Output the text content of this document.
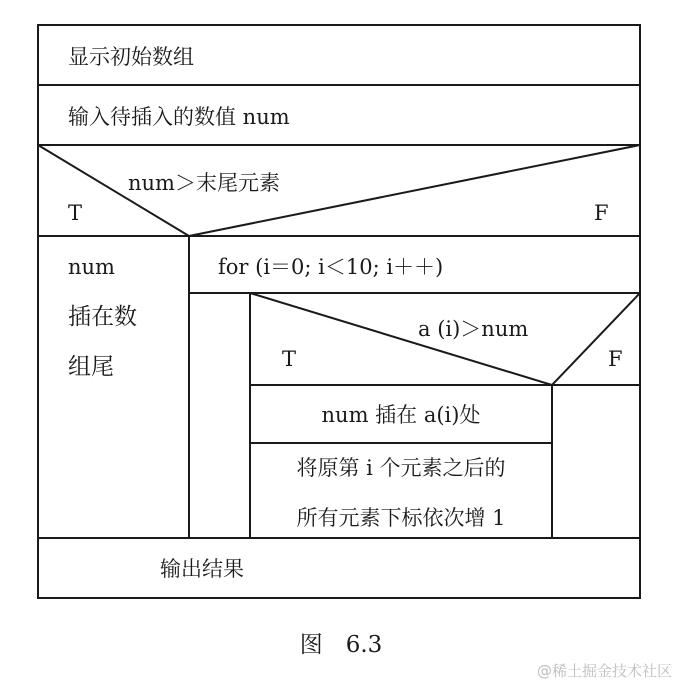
显示初始数组
输入待插入的数值 num
num＞末尾元素
T	F
num
插在数
组尾
for (i＝0; i＜10; i＋＋)
a (i)＞num
T	F
num 插在 a(i)处
将原第 i 个元素之后的
所有元素下标依次增 1
输出结果
图　6.3
@稀土掘金技术社区
